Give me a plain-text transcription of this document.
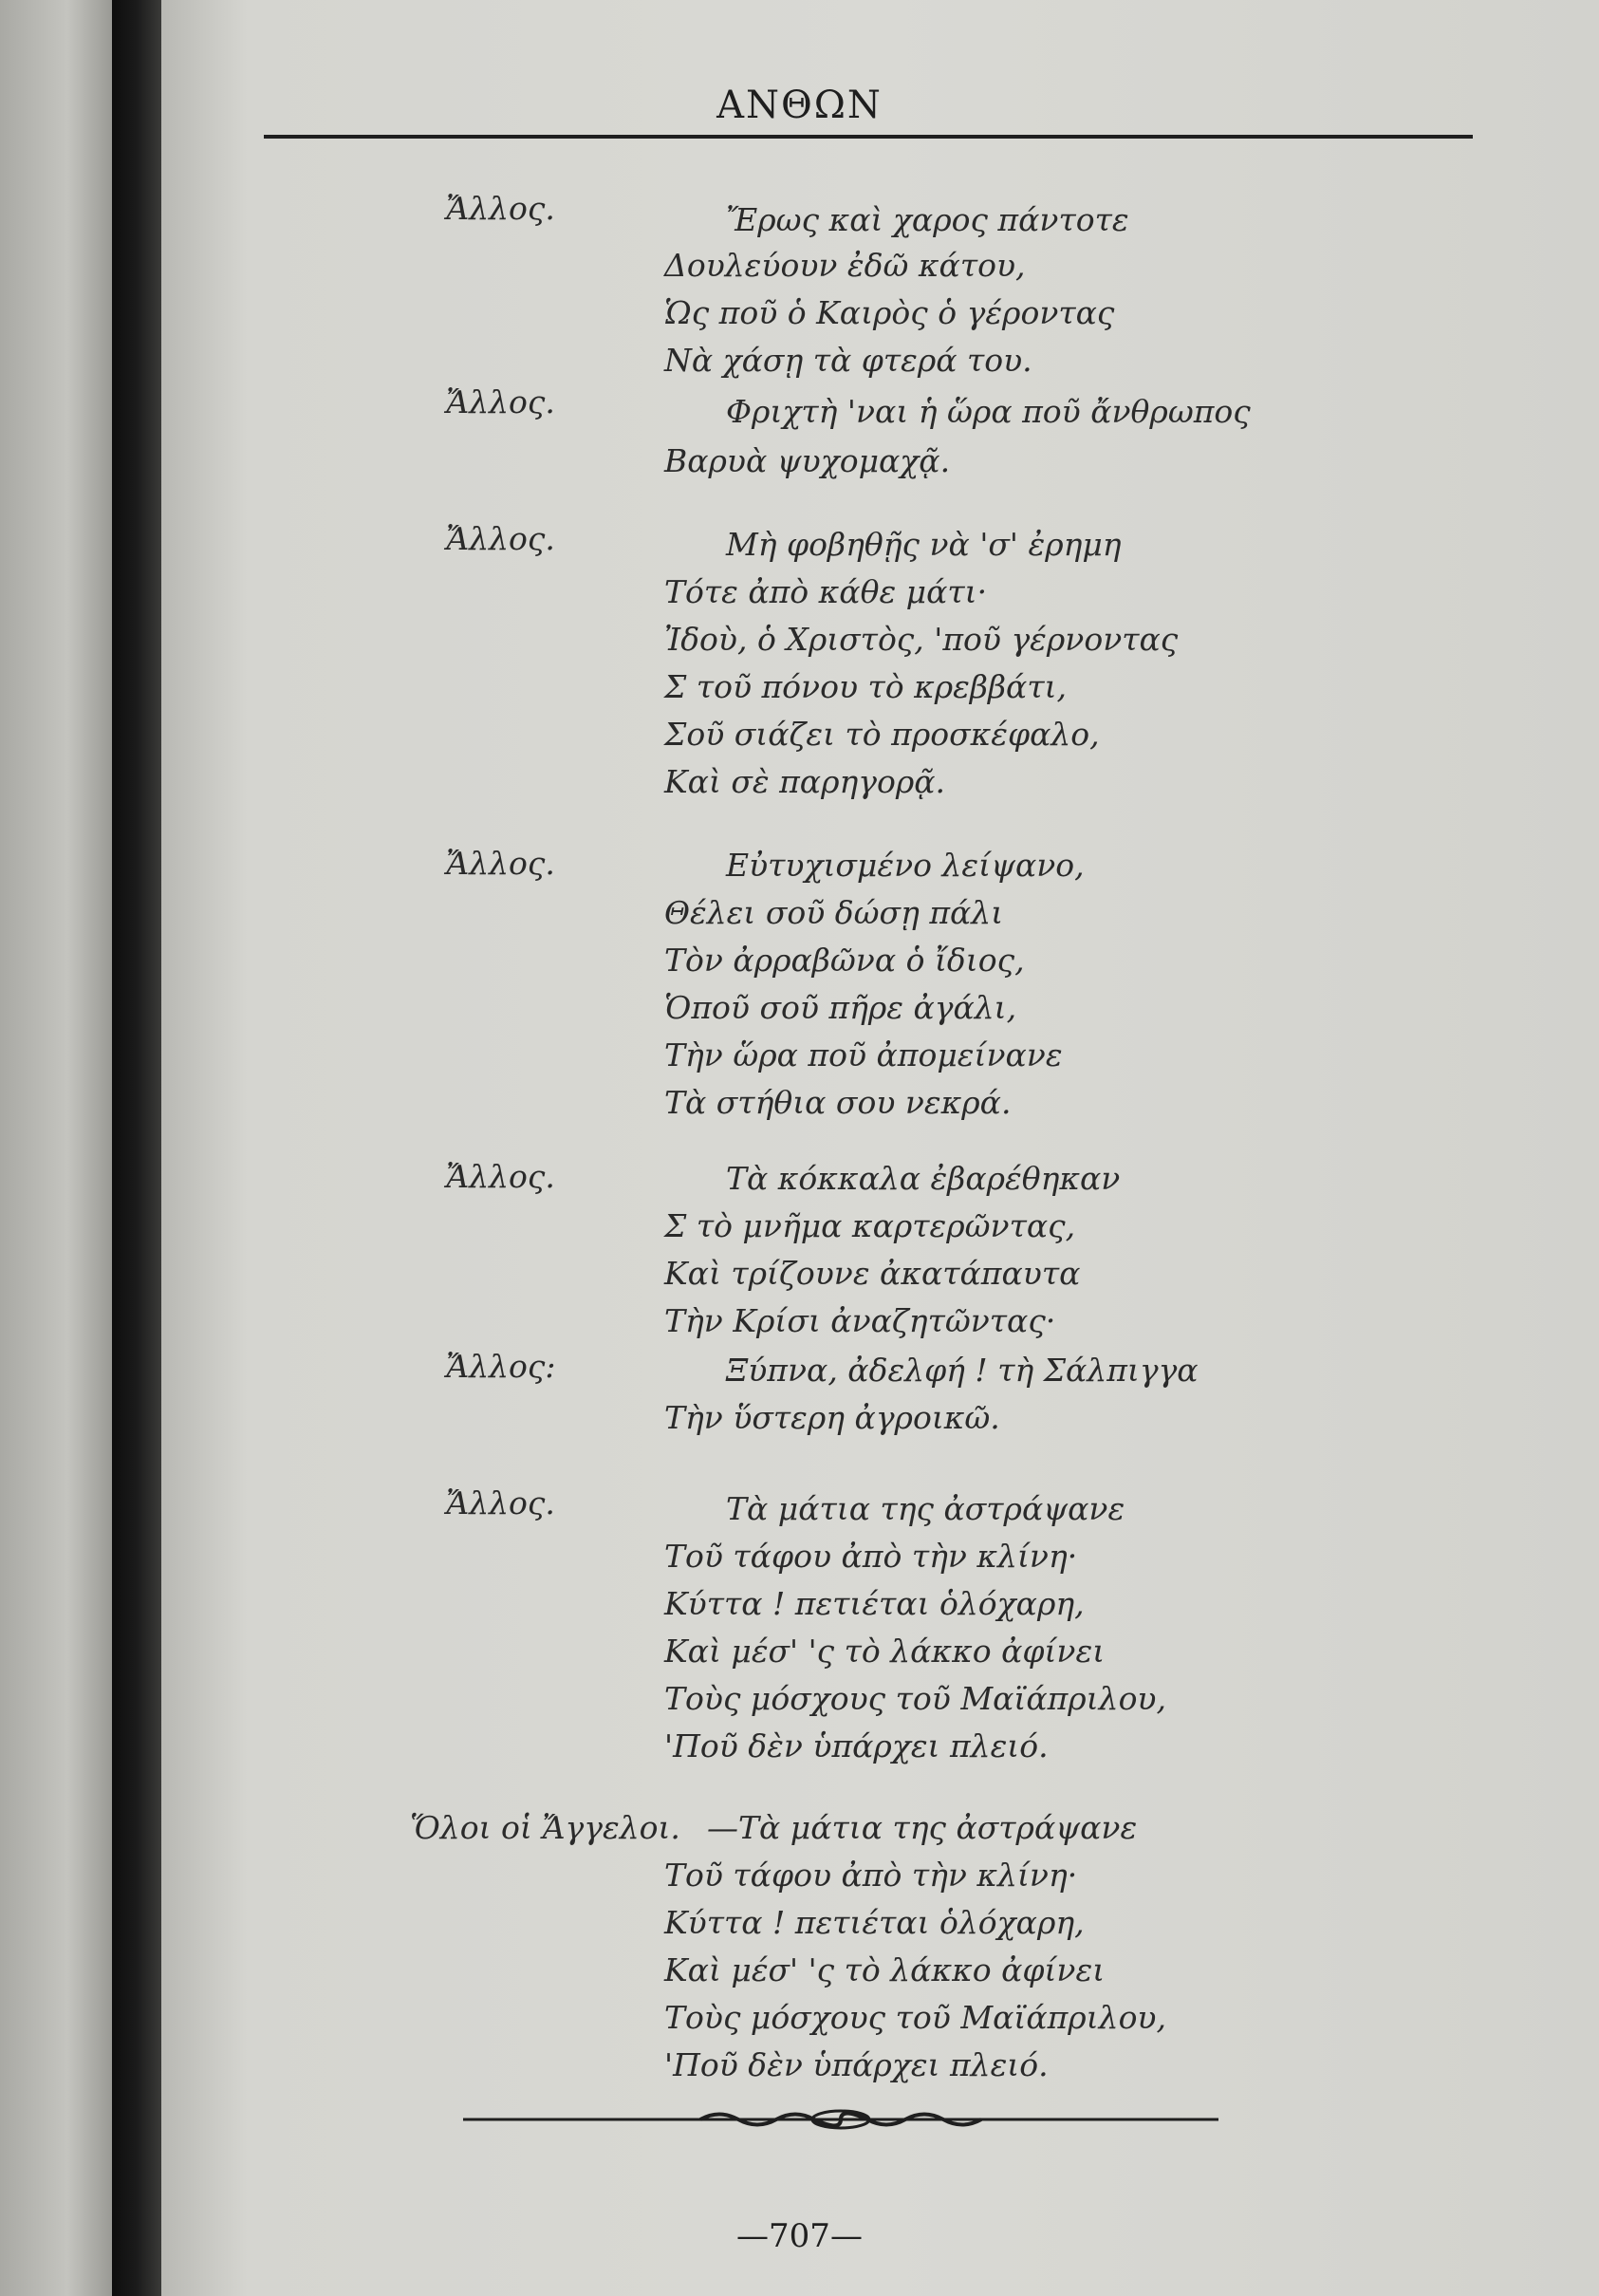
ΑΝΘΩΝ
Ἄλλος.	Ἔρως καὶ χαρος πάντοτε
Δουλεύουν ἐδῶ κάτου,
Ὡς ποῦ ὁ Καιρὸς ὁ γέροντας
Νὰ χάσῃ τὰ φτερά του.
Ἄλλος.	Φριχτὴ 'ναι ἡ ὥρα ποῦ ἄνθρωπος
Βαρυὰ ψυχομαχᾷ.
Ἄλλος.	Μὴ φοβηθῇς νὰ 'σ' ἐρημη
Τότε ἀπὸ κάθε μάτι·
Ἰδοὺ, ὁ Χριστὸς, 'ποῦ γέρνοντας
Σ τοῦ πόνου τὸ κρεββάτι,
Σοῦ σιάζει τὸ προσκέφαλο,
Καὶ σὲ παρηγορᾷ.
Ἄλλος.	Εὐτυχισμένο λείψανο,
Θέλει σοῦ δώσῃ πάλι
Τὸν ἀρραβῶνα ὁ ἴδιος,
Ὁποῦ σοῦ πῆρε ἀγάλι,
Τὴν ὥρα ποῦ ἀπομείνανε
Τὰ στήθια σου νεκρά.
Ἄλλος.	Τὰ κόκκαλα ἐβαρέθηκαν
Σ τὸ μνῆμα καρτερῶντας,
Καὶ τρίζουνε ἀκατάπαυτα
Τὴν Κρίσι ἀναζητῶντας·
Ἄλλος:	Ξύπνα, ἀδελφή ! τὴ Σάλπιγγα
Τὴν ὕστερη ἀγροικῶ.
Ἄλλος.	Τὰ μάτια της ἀστράψανε
Τοῦ τάφου ἀπὸ τὴν κλίνη·
Κύττα ! πετιέται ὁλόχαρη,
Καὶ μέσ' 'ς τὸ λάκκο ἀφίνει
Τοὺς μόσχους τοῦ Μαϊάπριλου,
'Ποῦ δὲν ὑπάρχει πλειό.
Ὅλοι οἱ Ἄγγελοι. —Τὰ μάτια της ἀστράψανε
Τοῦ τάφου ἀπὸ τὴν κλίνη·
Κύττα ! πετιέται ὁλόχαρη,
Καὶ μέσ' 'ς τὸ λάκκο ἀφίνει
Τοὺς μόσχους τοῦ Μαϊάπριλου,
'Ποῦ δὲν ὑπάρχει πλειό.
—707—
